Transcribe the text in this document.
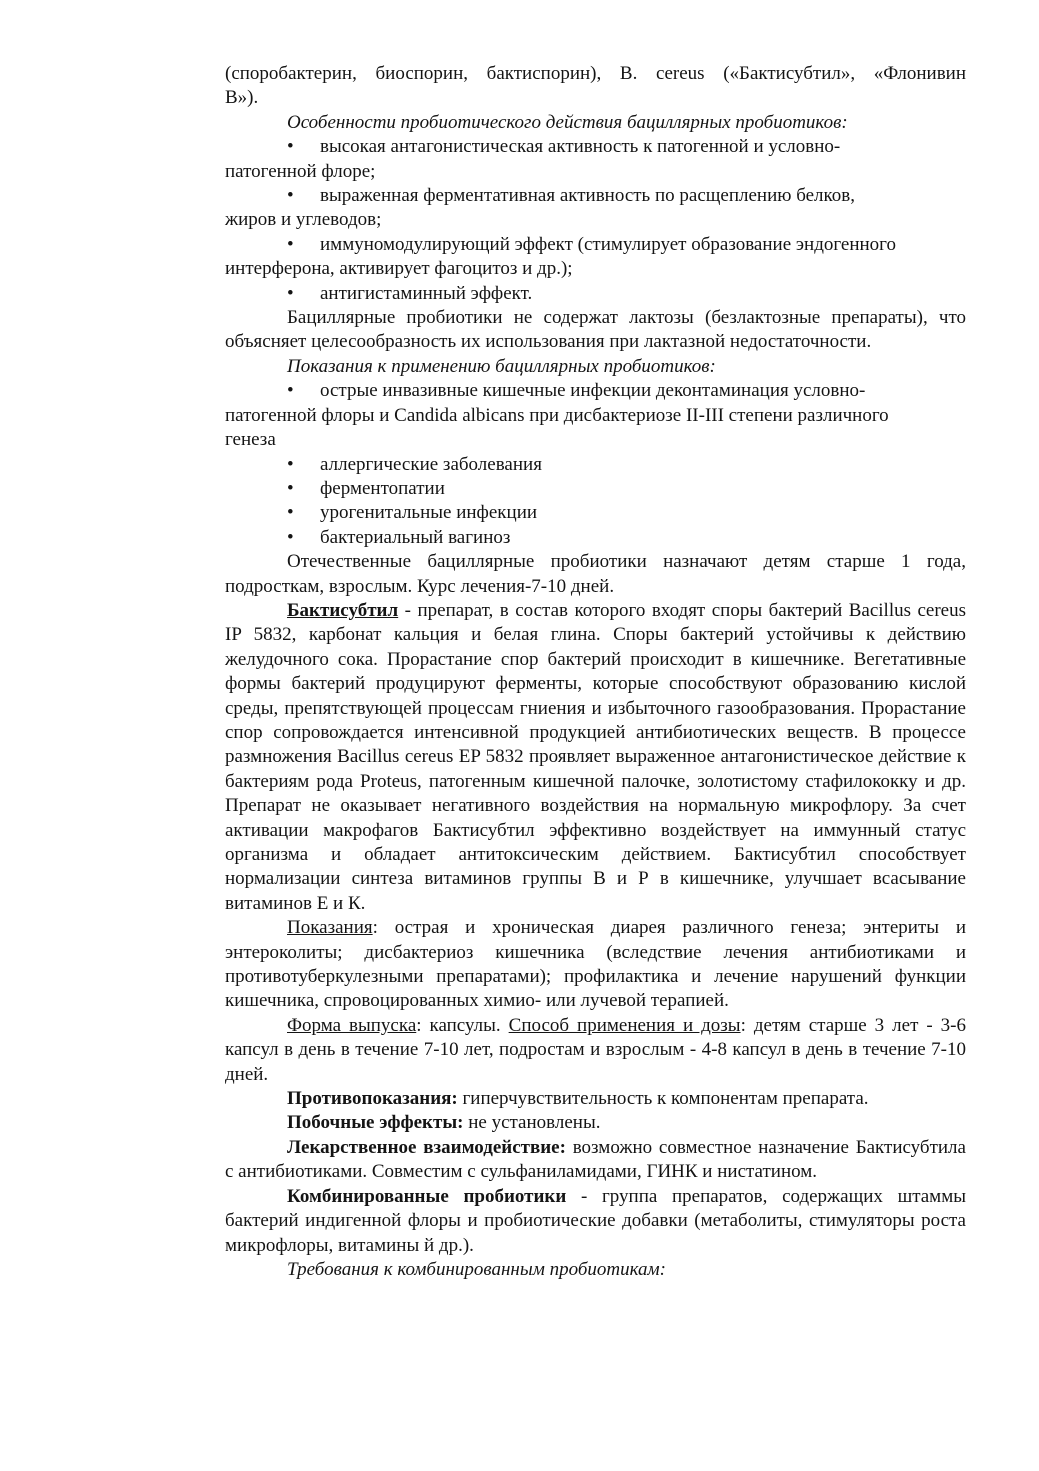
(споробактерин, биоспорин, бактиспорин), B. cereus («Бактисубтил», «Флонивин

B»).

Особенности пробиотического действия бациллярных пробиотиков:

• высокая антагонистическая активность к патогенной и условно-

патогенной флоре;

• выраженная ферментативная активность по расщеплению белков,

жиров и углеводов;

• иммуномодулирующий эффект (стимулирует образование эндогенного

интерферона, активирует фагоцитоз и др.);

• антигистаминный эффект.

Бациллярные пробиотики не содержат лактозы (безлактозные препараты), что объясняет целесообразность их использования при лактазной недостаточности.

Показания к применению бациллярных пробиотиков:

• острые инвазивные кишечные инфекции деконтаминация условно-

патогенной флоры и Candida albicans при дисбактериозе II-III степени различного

генеза

• аллергические заболевания

• ферментопатии

• урогенитальные инфекции

• бактериальный вагиноз

Отечественные бациллярные пробиотики назначают детям старше 1 года, подросткам, взрослым. Курс лечения-7-10 дней.

Бактисубтил - препарат, в состав которого входят споры бактерий Bacillus cereus IP 5832, карбонат кальция и белая глина. Споры бактерий устойчивы к действию желудочного сока. Прорастание спор бактерий происходит в кишечнике. Вегетативные формы бактерий продуцируют ферменты, которые способствуют образованию кислой среды, препятствующей процессам гниения и избыточного газообразования. Прорастание спор сопровождается интенсивной продукцией антибиотических веществ. В процессе размножения Bacillus cereus EP 5832 проявляет выраженное антагонистическое действие к бактериям рода Proteus, патогенным кишечной палочке, золотистому стафилококку и др. Препарат не оказывает негативного воздействия на нормальную микрофлору. За счет активации макрофагов Бактисубтил эффективно воздействует на иммунный статус организма и обладает антитоксическим действием. Бактисубтил способствует нормализации синтеза витаминов группы В и Р в кишечнике, улучшает всасывание витаминов Е и К.

Показания: острая и хроническая диарея различного генеза; энтериты и энтероколиты; дисбактериоз кишечника (вследствие лечения антибиотиками и противотуберкулезными препаратами); профилактика и лечение нарушений функции кишечника, спровоцированных химио- или лучевой терапией.

Форма выпуска: капсулы. Способ применения и дозы: детям старше 3 лет - 3-6 капсул в день в течение 7-10 лет, подростам и взрослым - 4-8 капсул в день в течение 7-10 дней.

Противопоказания: гиперчувствительность к компонентам препарата.

Побочные эффекты: не установлены.

Лекарственное взаимодействие: возможно совместное назначение Бактисубтила с антибиотиками. Совместим с сульфаниламидами, ГИНК и нистатином.

Комбинированные пробиотики - группа препаратов, содержащих штаммы бактерий индигенной флоры и пробиотические добавки (метаболиты, стимуляторы роста микрофлоры, витамины й др.).

Требования к комбинированным пробиотикам:
